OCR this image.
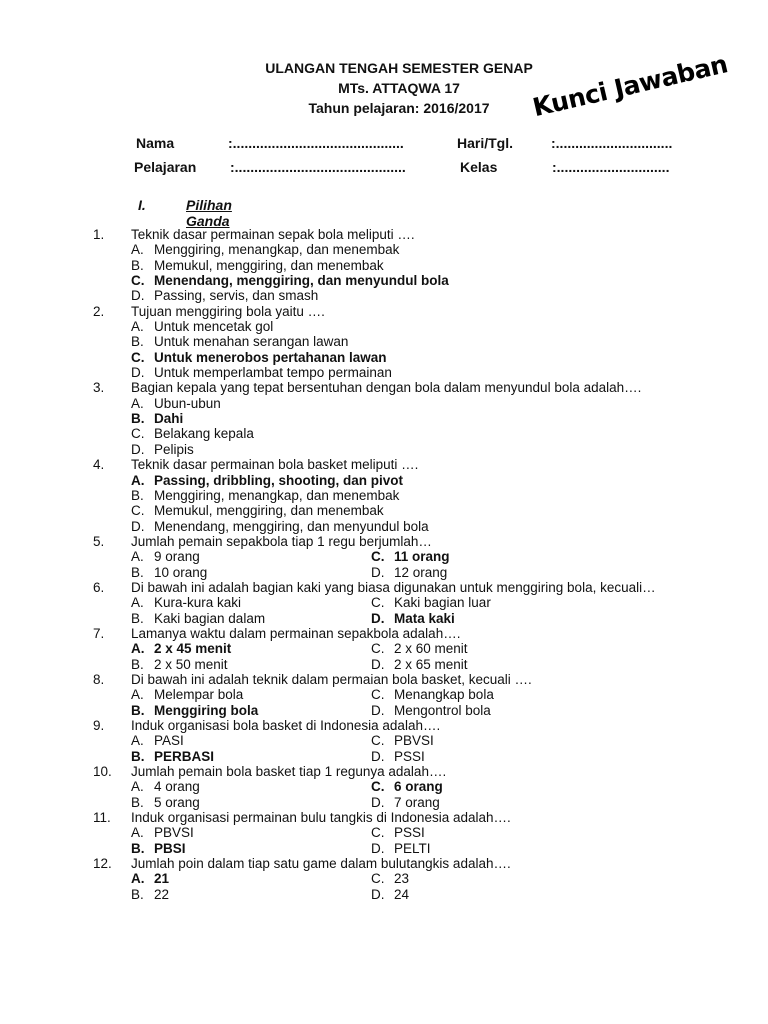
ULANGAN TENGAH SEMESTER GENAP
MTs. ATTAQWA 17
Tahun pelajaran: 2016/2017	Kunci Jawaban
Nama	:............................................	Hari/Tgl.	:..............................
Pelajaran :............................................	Kelas	:.............................
I.	Pilihan Ganda
1. Teknik dasar permainan sepak bola meliputi ….
A. Menggiring, menangkap, dan menembak
B. Memukul, menggiring, dan menembak
C. Menendang, menggiring, dan menyundul bola
D. Passing, servis, dan smash
2. Tujuan menggiring bola yaitu ….
A. Untuk mencetak gol
B. Untuk menahan serangan lawan
C. Untuk menerobos pertahanan lawan
D. Untuk memperlambat tempo permainan
3. Bagian kepala yang tepat bersentuhan dengan bola dalam menyundul bola adalah….
A. Ubun-ubun
B. Dahi
C. Belakang kepala
D. Pelipis
4. Teknik dasar permainan bola basket meliputi ….
A. Passing, dribbling, shooting, dan pivot
B. Menggiring, menangkap, dan menembak
C. Memukul, menggiring, dan menembak
D. Menendang, menggiring, dan menyundul bola
5. Jumlah pemain sepakbola tiap 1 regu berjumlah…
A. 9 orang	C. 11 orang
B. 10 orang	D. 12 orang
6. Di bawah ini adalah bagian kaki yang biasa digunakan untuk menggiring bola, kecuali…
A. Kura-kura kaki	C. Kaki bagian luar
B. Kaki bagian dalam	D. Mata kaki
7. Lamanya waktu dalam permainan sepakbola adalah….
A. 2 x 45 menit	C. 2 x 60 menit
B. 2 x 50 menit	D. 2 x 65 menit
8. Di bawah ini adalah teknik dalam permaian bola basket, kecuali ….
A. Melempar bola	C. Menangkap bola
B. Menggiring bola	D. Mengontrol bola
9. Induk organisasi bola basket di Indonesia adalah….
A. PASI	C. PBVSI
B. PERBASI	D. PSSI
10. Jumlah pemain bola basket tiap 1 regunya adalah….
A. 4 orang	C. 6 orang
B. 5 orang	D. 7 orang
11. Induk organisasi permainan bulu tangkis di Indonesia adalah….
A. PBVSI	C. PSSI
B. PBSI	D. PELTI
12. Jumlah poin dalam tiap satu game dalam bulutangkis adalah….
A. 21	C. 23
B. 22	D. 24
